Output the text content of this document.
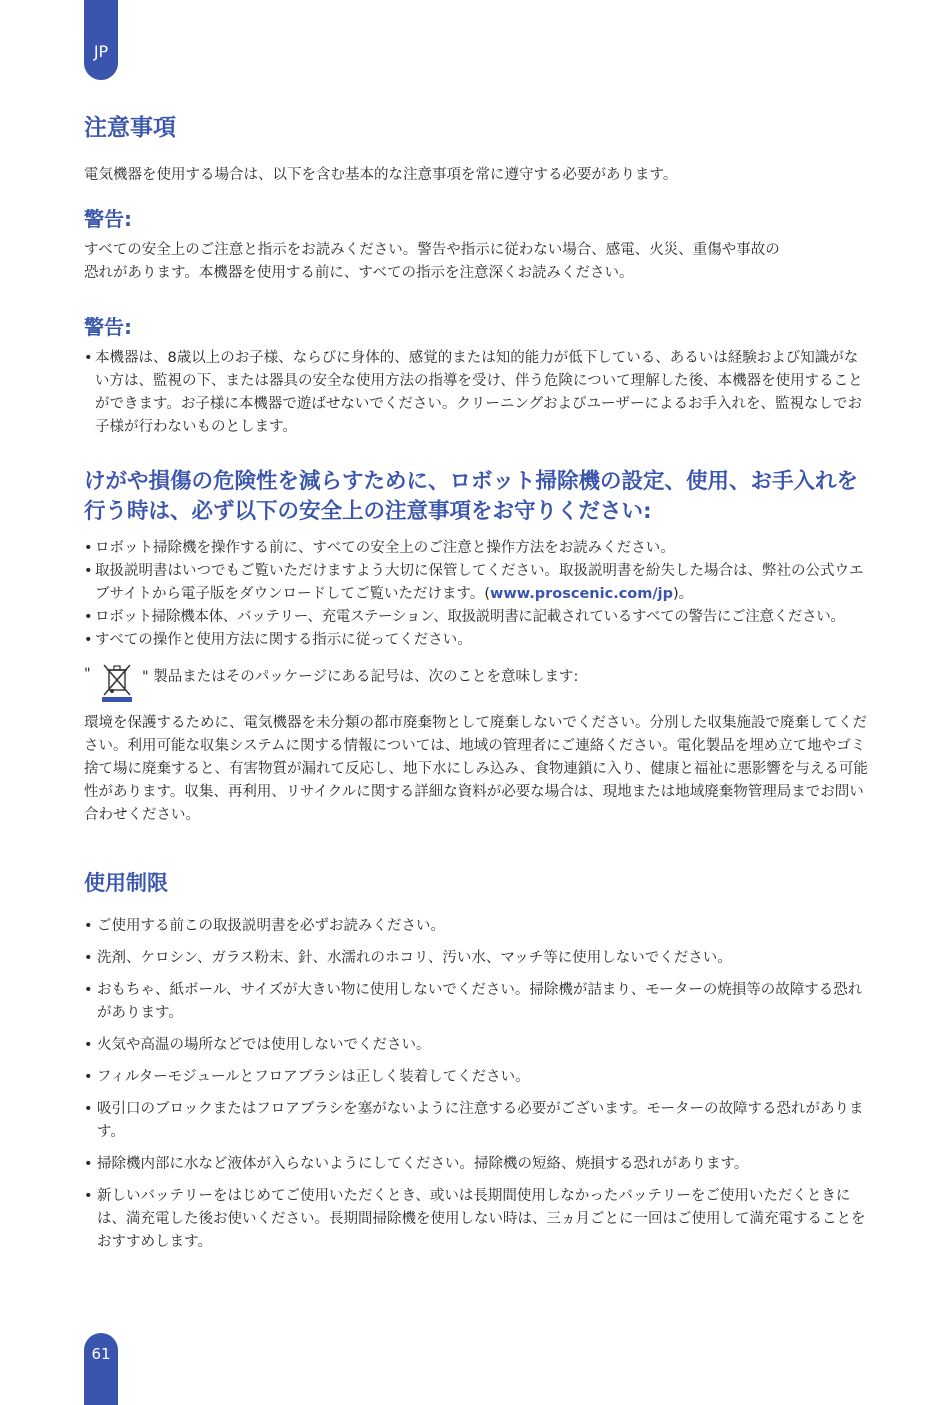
JP
注意事項

電気機器を使用する場合は、以下を含む基本的な注意事項を常に遵守する必要があります。

警告:

すべての安全上のご注意と指示をお読みください。警告や指示に従わない場合、感電、火災、重傷や事故の

恐れがあります。本機器を使用する前に、すべての指示を注意深くお読みください。

警告:

• 本機器は、8歳以上のお子様、ならびに身体的、感覚的または知的能力が低下している、あるいは経験および知識がない方は、監視の下、または器具の安全な使用方法の指導を受け、伴う危険について理解した後、本機器を使用することができます。お子様に本機器で遊ばせないでください。クリーニングおよびユーザーによるお手入れを、監視なしでお子様が行わないものとします。

けがや損傷の危険性を減らすために、ロボット掃除機の設定、使用、お手入れを
行う時は、必ず以下の安全上の注意事項をお守りください:

• ロボット掃除機を操作する前に、すべての安全上のご注意と操作方法をお読みください。

• 取扱説明書はいつでもご覧いただけますよう大切に保管してください。取扱説明書を紛失した場合は、弊社の公式ウエブサイトから電子版をダウンロードしてご覧いただけます。(www.proscenic.com/jp)。

• ロボット掃除機本体、バッテリー、充電ステーション、取扱説明書に記載されているすべての警告にご注意ください。

• すべての操作と使用方法に関する指示に従ってください。

"	" 製品またはそのパッケージにある記号は、次のことを意味します:

環境を保護するために、電気機器を未分類の都市廃棄物として廃棄しないでください。分別した収集施設で廃棄してください。利用可能な収集システムに関する情報については、地域の管理者にご連絡ください。電化製品を埋め立て地やゴミ捨て場に廃棄すると、有害物質が漏れて反応し、地下水にしみ込み、食物連鎖に入り、健康と福祉に悪影響を与える可能性があります。収集、再利用、リサイクルに関する詳細な資料が必要な場合は、現地または地域廃棄物管理局までお問い合わせください。

使用制限

• ご使用する前この取扱説明書を必ずお読みください。

• 洗剤、ケロシン、ガラス粉末、針、水濡れのホコリ、汚い水、マッチ等に使用しないでください。

• おもちゃ、紙ボール、サイズが大きい物に使用しないでください。掃除機が詰まり、モーターの焼損等の故障する恐れがあります。

• 火気や高温の場所などでは使用しないでください。

• フィルターモジュールとフロアブラシは正しく装着してください。

• 吸引口のブロックまたはフロアブラシを塞がないように注意する必要がございます。モーターの故障する恐れがあります。

• 掃除機内部に水など液体が入らないようにしてください。掃除機の短絡、焼損する恐れがあります。

• 新しいバッテリーをはじめてご使用いただくとき、或いは長期間使用しなかったバッテリーをご使用いただくときには、満充電した後お使いください。長期間掃除機を使用しない時は、三ヵ月ごとに一回はご使用して満充電することをおすすめします。

61
